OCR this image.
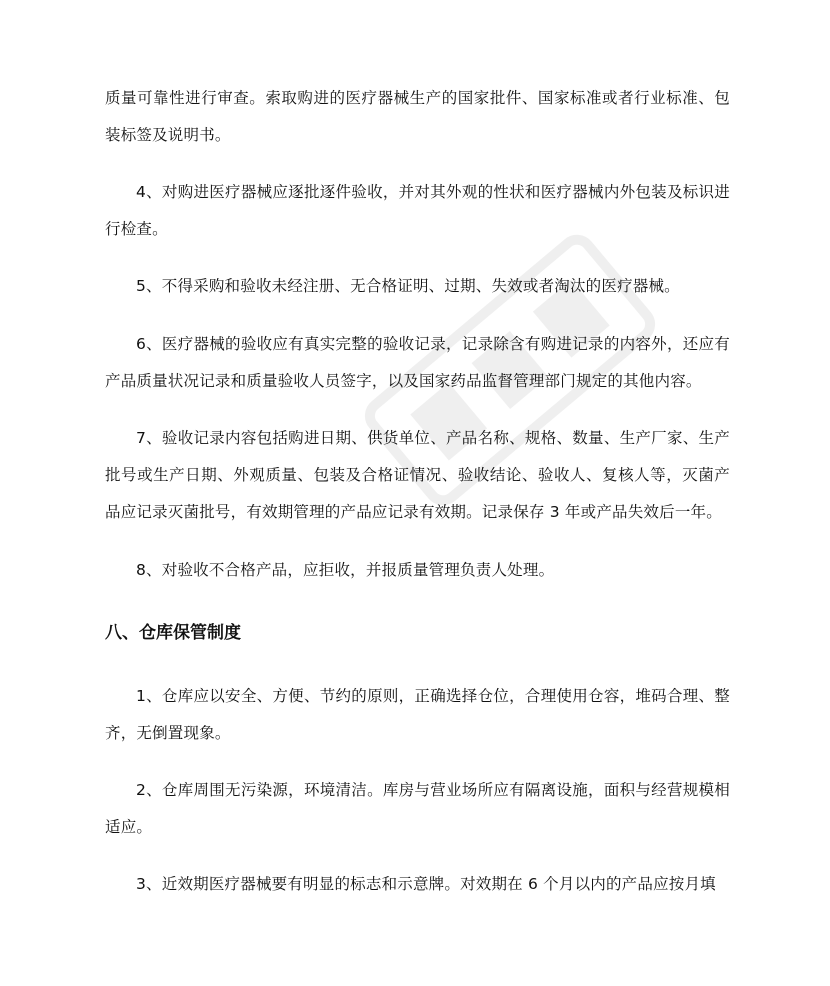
质量可靠性进行审查。索取购进的医疗器械生产的国家批件、国家标准或者行业标准、包装标签及说明书。

4、对购进医疗器械应逐批逐件验收，并对其外观的性状和医疗器械内外包装及标识进行检查。

5、不得采购和验收未经注册、无合格证明、过期、失效或者淘汰的医疗器械。

6、医疗器械的验收应有真实完整的验收记录，记录除含有购进记录的内容外，还应有产品质量状况记录和质量验收人员签字，以及国家药品监督管理部门规定的其他内容。

7、验收记录内容包括购进日期、供货单位、产品名称、规格、数量、生产厂家、生产批号或生产日期、外观质量、包装及合格证情况、验收结论、验收人、复核人等，灭菌产品应记录灭菌批号，有效期管理的产品应记录有效期。记录保存 3 年或产品失效后一年。

8、对验收不合格产品，应拒收，并报质量管理负责人处理。

八、仓库保管制度

1、仓库应以安全、方便、节约的原则，正确选择仓位，合理使用仓容，堆码合理、整齐，无倒置现象。

2、仓库周围无污染源，环境清洁。库房与营业场所应有隔离设施，面积与经营规模相适应。

3、近效期医疗器械要有明显的标志和示意牌。对效期在 6 个月以内的产品应按月填
